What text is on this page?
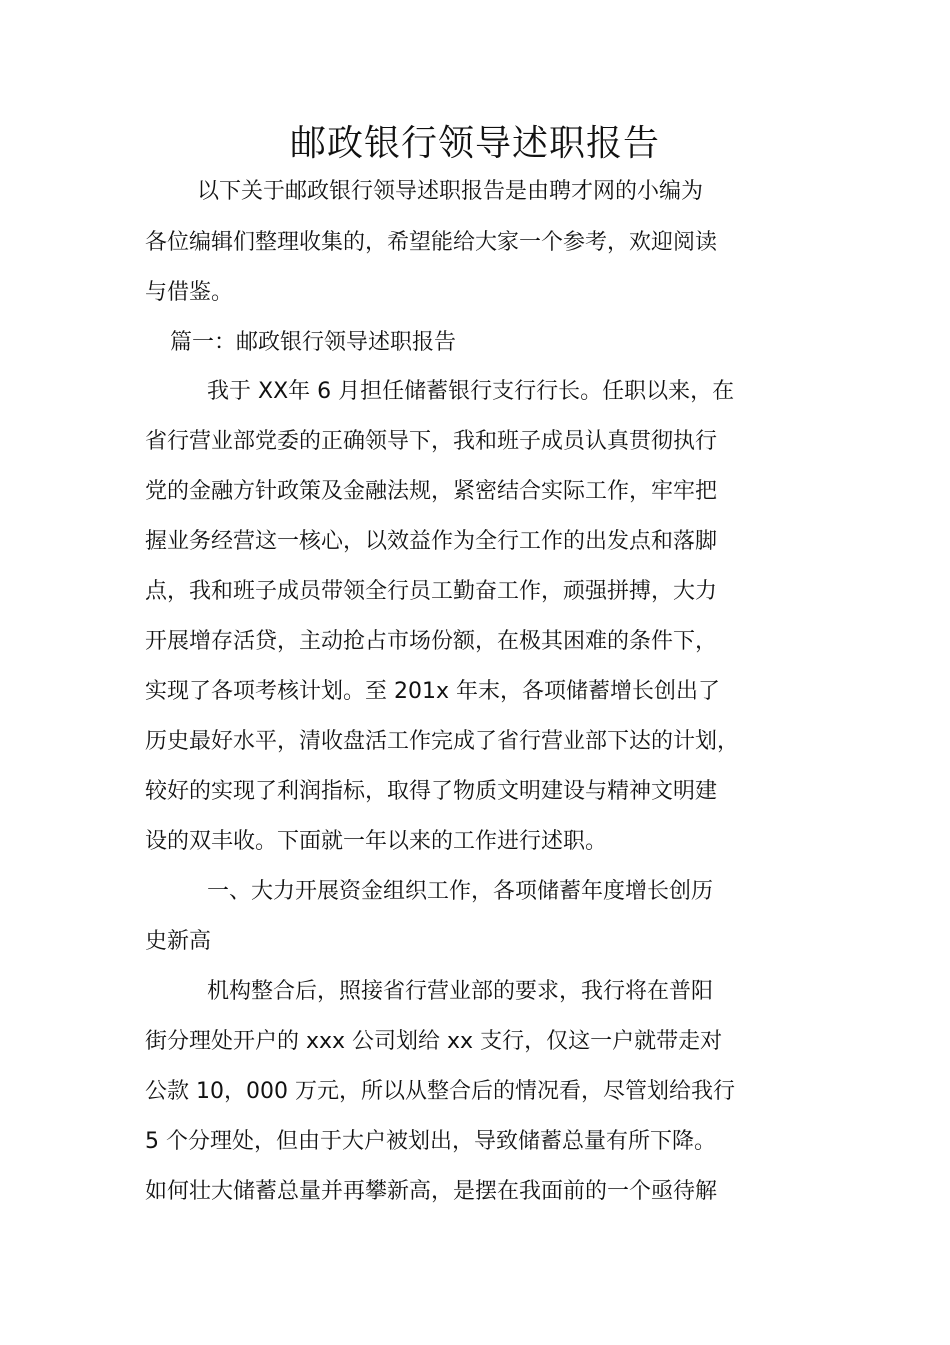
邮政银行领导述职报告
以下关于邮政银行领导述职报告是由聘才网的小编为
各位编辑们整理收集的，希望能给大家一个参考，欢迎阅读
与借鉴。
篇一：邮政银行领导述职报告
我于 XX年 6 月担任储蓄银行支行行长。任职以来，在
省行营业部党委的正确领导下，我和班子成员认真贯彻执行
党的金融方针政策及金融法规，紧密结合实际工作，牢牢把
握业务经营这一核心，以效益作为全行工作的出发点和落脚
点，我和班子成员带领全行员工勤奋工作，顽强拼搏，大力
开展增存活贷，主动抢占市场份额，在极其困难的条件下，
实现了各项考核计划。至 201x 年末，各项储蓄增长创出了
历史最好水平，清收盘活工作完成了省行营业部下达的计划，
较好的实现了利润指标，取得了物质文明建设与精神文明建
设的双丰收。下面就一年以来的工作进行述职。
一、大力开展资金组织工作，各项储蓄年度增长创历
史新高
机构整合后，照接省行营业部的要求，我行将在普阳
街分理处开户的 xxx 公司划给 xx 支行，仅这一户就带走对
公款 10，000 万元，所以从整合后的情况看，尽管划给我行
5 个分理处，但由于大户被划出，导致储蓄总量有所下降。
如何壮大储蓄总量并再攀新高，是摆在我面前的一个亟待解
